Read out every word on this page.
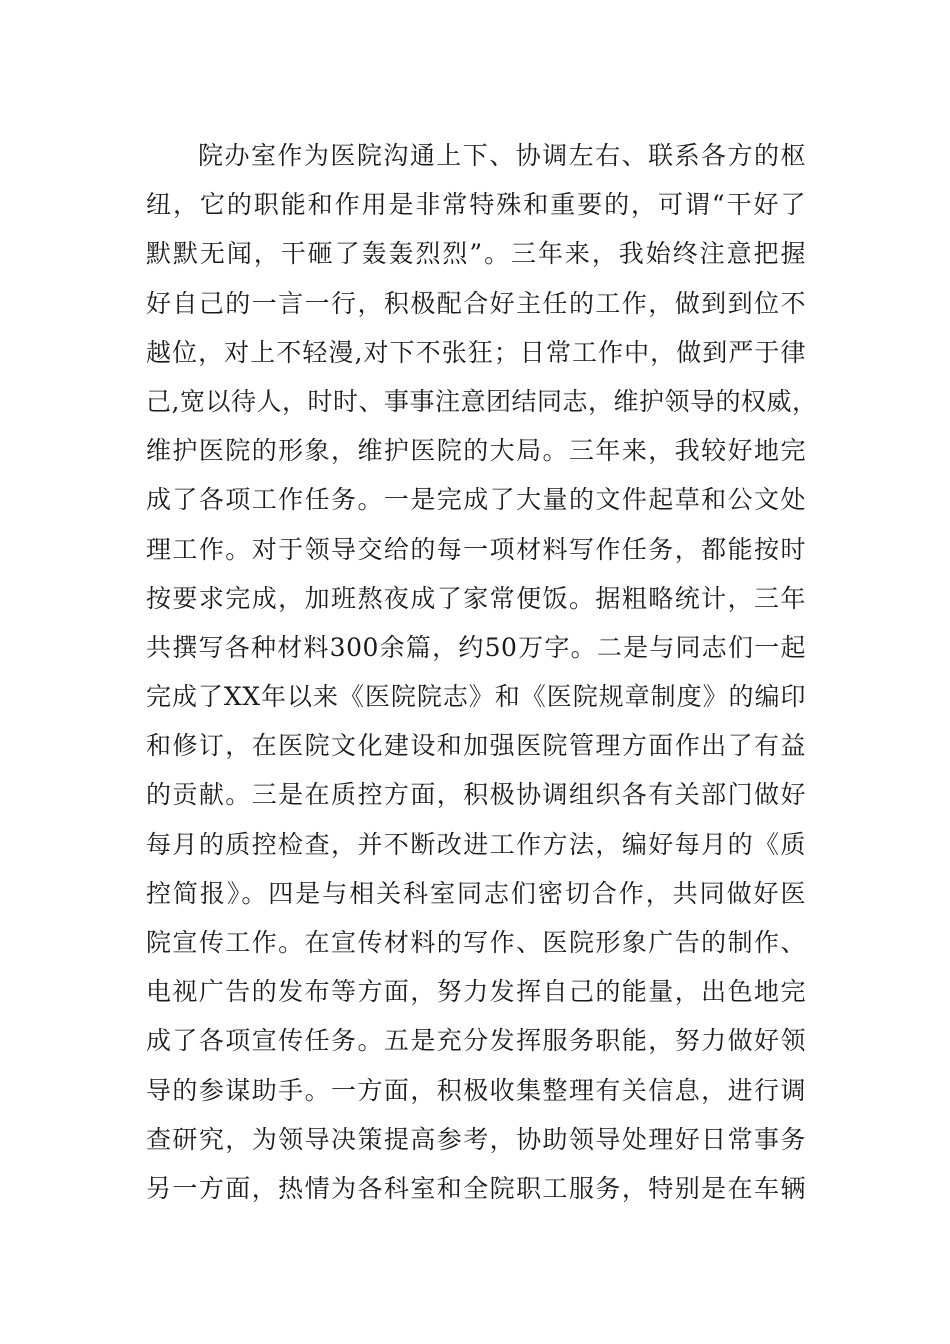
院办室作为医院沟通上下、协调左右、联系各方的枢
纽，它的职能和作用是非常特殊和重要的，可谓“干好了
默默无闻，干砸了轰轰烈烈”。三年来，我始终注意把握
好自己的一言一行，积极配合好主任的工作，做到到位不
越位，对上不轻漫,对下不张狂；日常工作中，做到严于律
己,宽以待人，时时、事事注意团结同志，维护领导的权威，
维护医院的形象，维护医院的大局。三年来，我较好地完
成了各项工作任务。一是完成了大量的文件起草和公文处
理工作。对于领导交给的每一项材料写作任务，都能按时
按要求完成，加班熬夜成了家常便饭。据粗略统计，三年
共撰写各种材料300余篇，约50万字。二是与同志们一起
完成了XX年以来《医院院志》和《医院规章制度》的编印
和修订，在医院文化建设和加强医院管理方面作出了有益
的贡献。三是在质控方面，积极协调组织各有关部门做好
每月的质控检查，并不断改进工作方法，编好每月的《质
控简报》。四是与相关科室同志们密切合作，共同做好医
院宣传工作。在宣传材料的写作、医院形象广告的制作、
电视广告的发布等方面，努力发挥自己的能量，出色地完
成了各项宣传任务。五是充分发挥服务职能，努力做好领
导的参谋助手。一方面，积极收集整理有关信息，进行调
查研究，为领导决策提高参考，协助领导处理好日常事务
另一方面，热情为各科室和全院职工服务，特别是在车辆
